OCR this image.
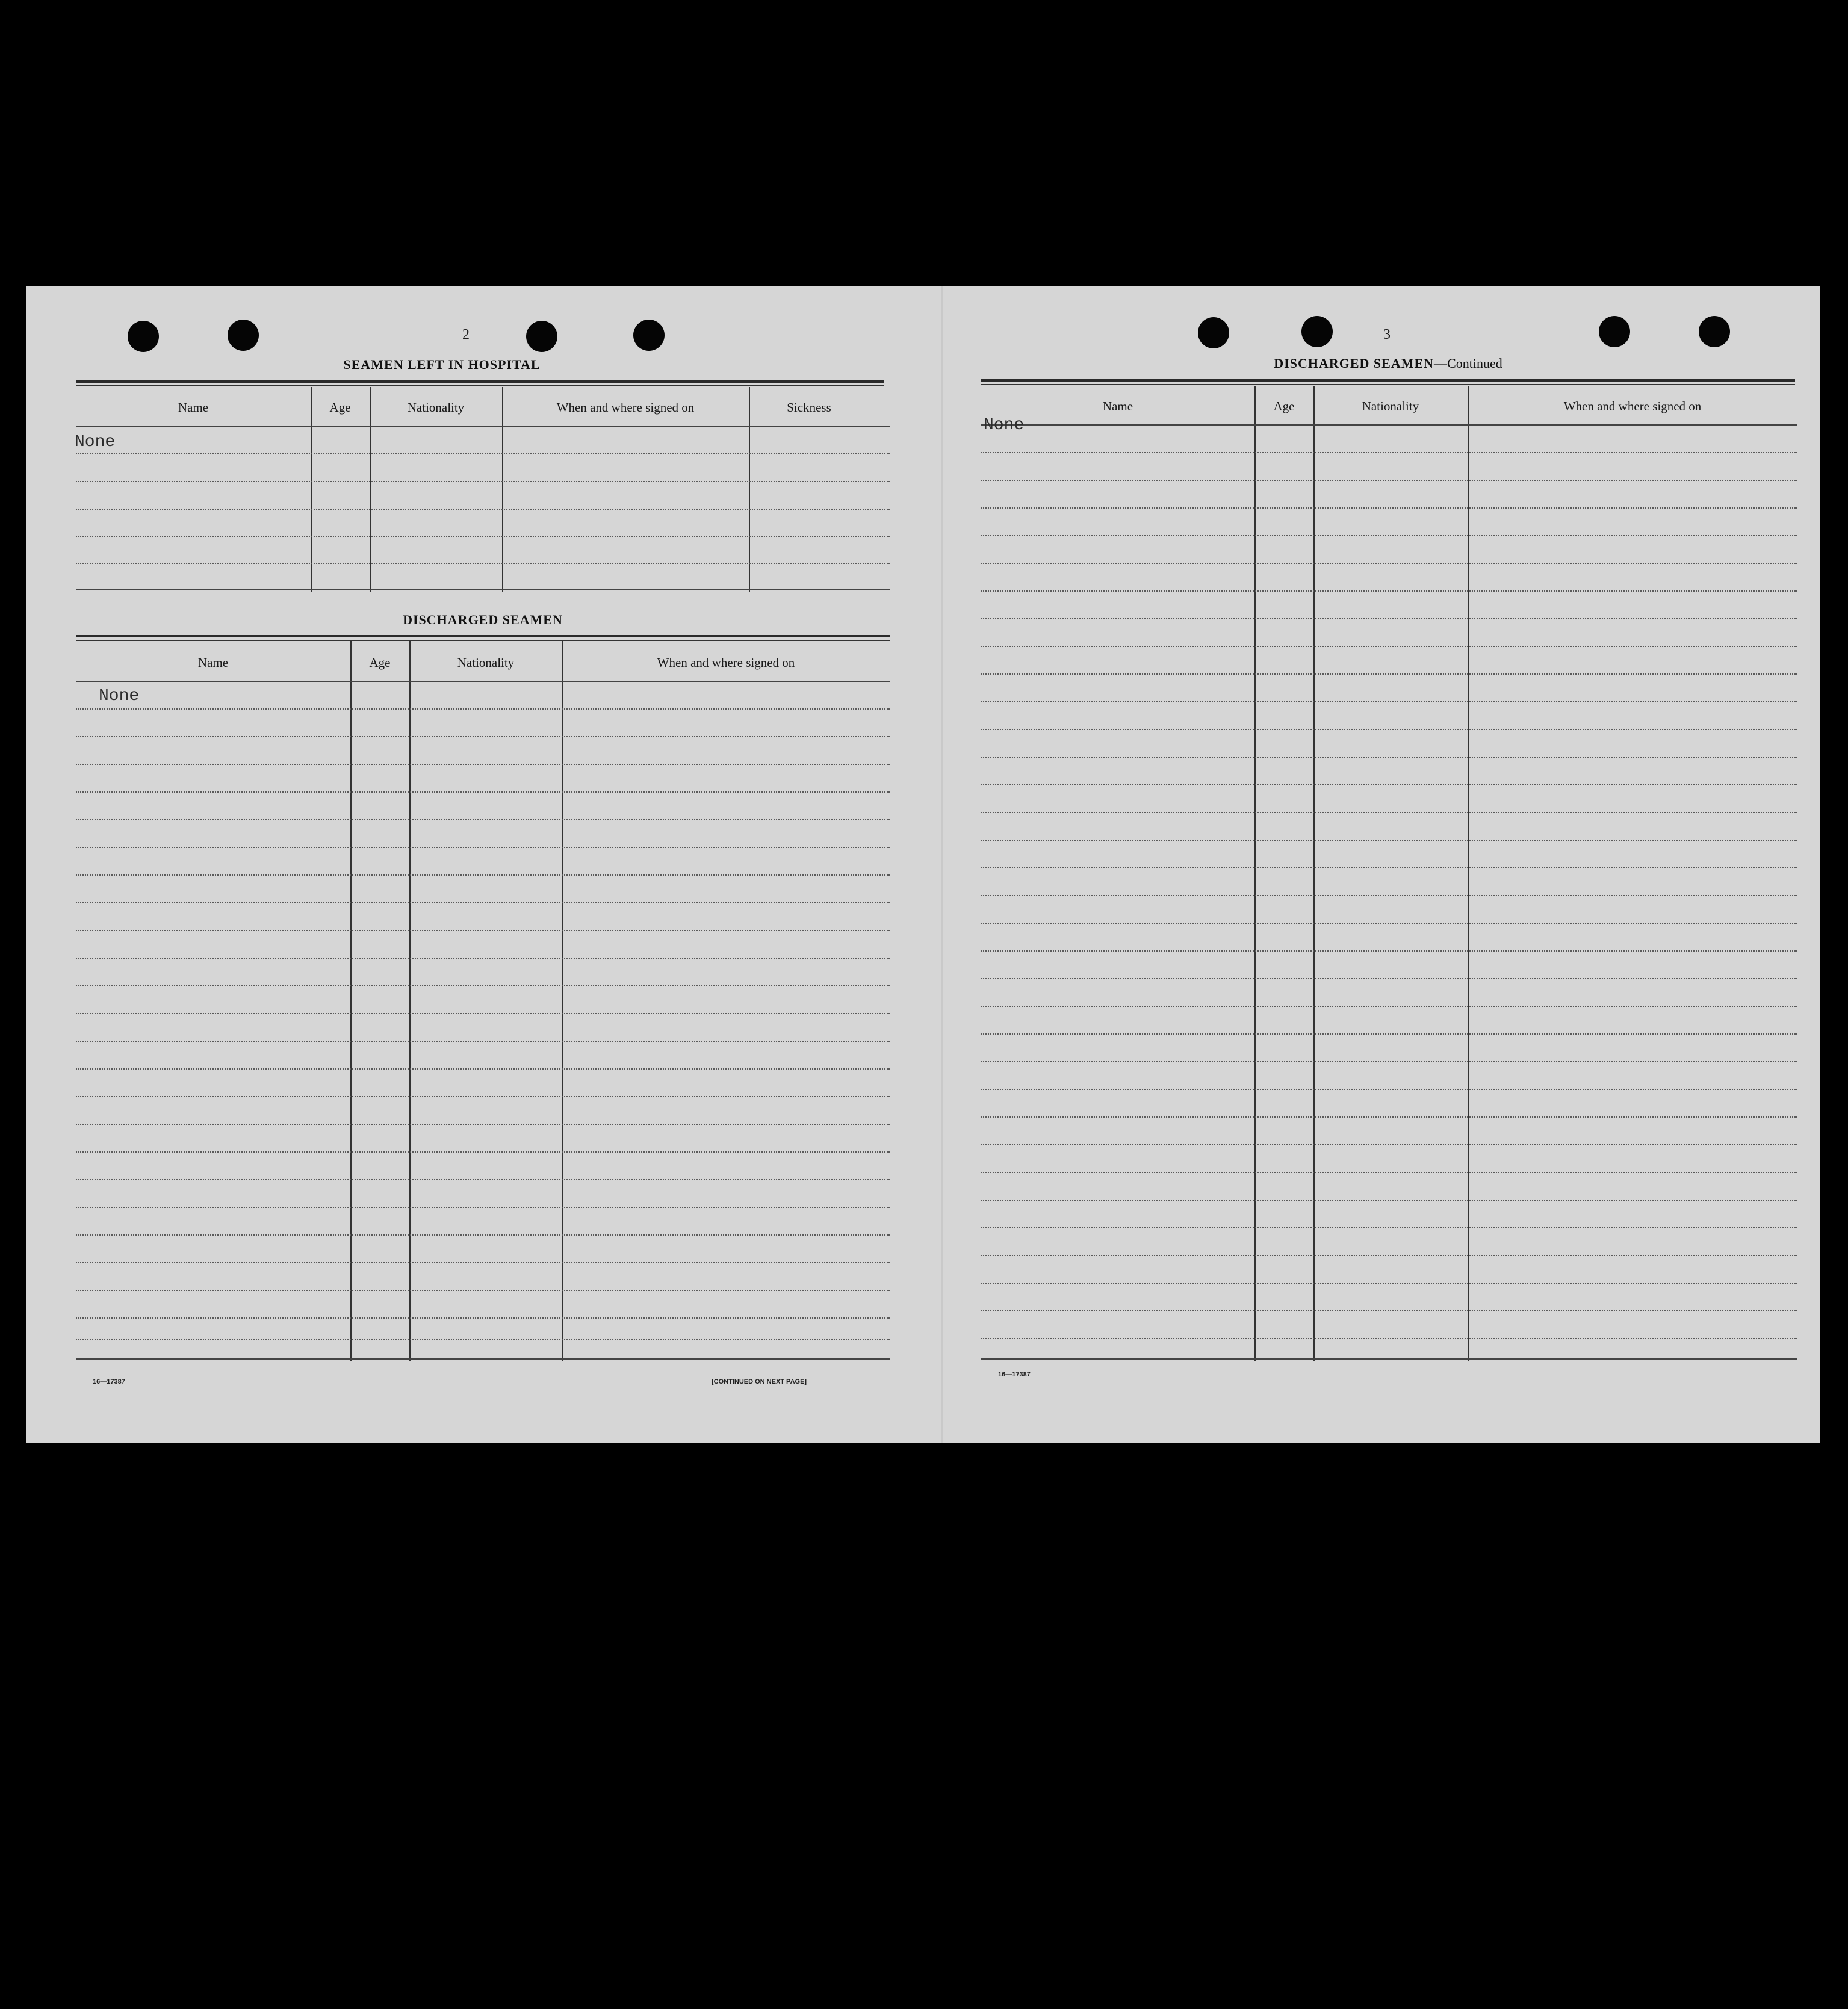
2
SEAMEN LEFT IN HOSPITAL
Name	Age	Nationality	When and where signed on	Sickness
None
DISCHARGED SEAMEN
Name	Age	Nationality	When and where signed on
None
16—17387	[CONTINUED ON NEXT PAGE]
3
DISCHARGED SEAMEN—Continued
Name	Age	Nationality	When and where signed on
None
16—17387
